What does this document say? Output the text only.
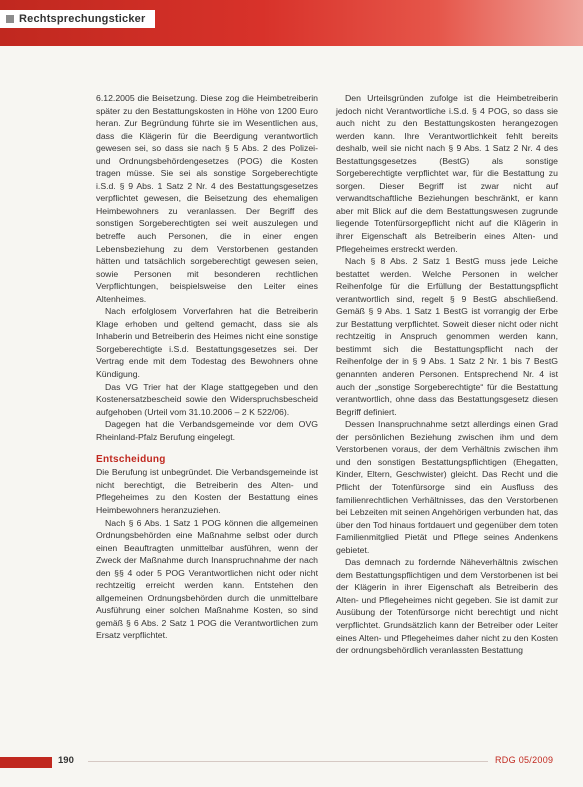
Rechtsprechungsticker

6.12.2005 die Beisetzung. Diese zog die Heimbetreiberin später zu den Bestattungskosten in Höhe von 1200 Euro heran. Zur Begründung führte sie im Wesentlichen aus, dass die Klägerin für die Beerdigung verantwortlich gewesen sei, so dass sie nach § 5 Abs. 2 des Polizei- und Ordnungsbehördengesetzes (POG) die Kosten tragen müsse. Sie sei als sonstige Sorgeberechtigte i.S.d. § 9 Abs. 1 Satz 2 Nr. 4 des Bestattungsgesetzes verpflichtet gewesen, die Beisetzung des ehemaligen Heimbewohners zu veranlassen. Der Begriff des sonstigen Sorgeberechtigten sei weit auszulegen und betreffe auch Personen, die in einer engen Lebensbeziehung zu dem Verstorbenen gestanden hätten und tatsächlich sorgeberechtigt gewesen seien, sowie Personen mit besonderen rechtlichen Verpflichtungen, beispielsweise den Leiter eines Altenheimes.

Nach erfolglosem Vorverfahren hat die Betreiberin Klage erhoben und geltend gemacht, dass sie als Inhaberin und Betreiberin des Heimes nicht eine sonstige Sorgeberechtigte i.S.d. Bestattungsgesetzes sei. Der Vertrag ende mit dem Todestag des Bewohners ohne Kündigung.

Das VG Trier hat der Klage stattgegeben und den Kostenersatzbescheid sowie den Widerspruchsbescheid aufgehoben (Urteil vom 31.10.2006 – 2 K 522/06).

Dagegen hat die Verbandsgemeinde vor dem OVG Rheinland-Pfalz Berufung eingelegt.

Entscheidung

Die Berufung ist unbegründet. Die Verbandsgemeinde ist nicht berechtigt, die Betreiberin des Alten- und Pflegeheimes zu den Kosten der Bestattung eines Heimbewohners heranzuziehen.

Nach § 6 Abs. 1 Satz 1 POG können die allgemeinen Ordnungsbehörden eine Maßnahme selbst oder durch einen Beauftragten unmittelbar ausführen, wenn der Zweck der Maßnahme durch Inanspruchnahme der nach den §§ 4 oder 5 POG Verantwortlichen nicht oder nicht rechtzeitig erreicht werden kann. Entstehen den allgemeinen Ordnungsbehörden durch die unmittelbare Ausführung einer solchen Maßnahme Kosten, so sind gemäß § 6 Abs. 2 Satz 1 POG die Verantwortlichen zum Ersatz verpflichtet.

Den Urteilsgründen zufolge ist die Heimbetreiberin jedoch nicht Verantwortliche i.S.d. § 4 POG, so dass sie auch nicht zu den Bestattungskosten herangezogen werden kann. Ihre Verantwortlichkeit fehlt bereits deshalb, weil sie nicht nach § 9 Abs. 1 Satz 2 Nr. 4 des Bestattungsgesetzes (BestG) als sonstige Sorgeberechtigte verpflichtet war, für die Bestattung zu sorgen. Dieser Begriff ist zwar nicht auf verwandtschaftliche Beziehungen beschränkt, er kann aber mit Blick auf die dem Bestattungswesen zugrunde liegende Totenfürsorgepflicht nicht auf die Klägerin in ihrer Eigenschaft als Betreiberin eines Alten- und Pflegeheimes erstreckt werden.

Nach § 8 Abs. 2 Satz 1 BestG muss jede Leiche bestattet werden. Welche Personen in welcher Reihenfolge für die Erfüllung der Bestattungspflicht verantwortlich sind, regelt § 9 BestG abschließend. Gemäß § 9 Abs. 1 Satz 1 BestG ist vorrangig der Erbe zur Bestattung verpflichtet. Soweit dieser nicht oder nicht rechtzeitig in Anspruch genommen werden kann, bestimmt sich die Bestattungspflicht nach der Reihenfolge der in § 9 Abs. 1 Satz 2 Nr. 1 bis 7 BestG genannten anderen Personen. Entsprechend Nr. 4 ist auch der „sonstige Sorgeberechtigte“ für die Bestattung verantwortlich, ohne dass das Bestattungsgesetz diesen Begriff definiert.

Dessen Inanspruchnahme setzt allerdings einen Grad der persönlichen Beziehung zwischen ihm und dem Verstorbenen voraus, der dem Verhältnis zwischen ihm und den sonstigen Bestattungspflichtigen (Ehegatten, Kinder, Eltern, Geschwister) gleicht. Das Recht und die Pflicht der Totenfürsorge sind ein Ausfluss des familienrechtlichen Verhältnisses, das den Verstorbenen bei Lebzeiten mit seinen Angehörigen verbunden hat, das über den Tod hinaus fortdauert und gegenüber dem toten Familienmitglied Pietät und Pflege seines Andenkens gebietet.

Das demnach zu fordernde Näheverhältnis zwischen dem Bestattungspflichtigen und dem Verstorbenen ist bei der Klägerin in ihrer Eigenschaft als Betreiberin des Alten- und Pflegeheimes nicht gegeben. Sie ist damit zur Ausübung der Totenfürsorge nicht berechtigt und nicht verpflichtet. Grundsätzlich kann der Betreiber oder Leiter eines Alten- und Pflegeheimes daher nicht zu den Kosten der ordnungsbehördlich veranlassten Bestattung

190	RDG 05/2009
